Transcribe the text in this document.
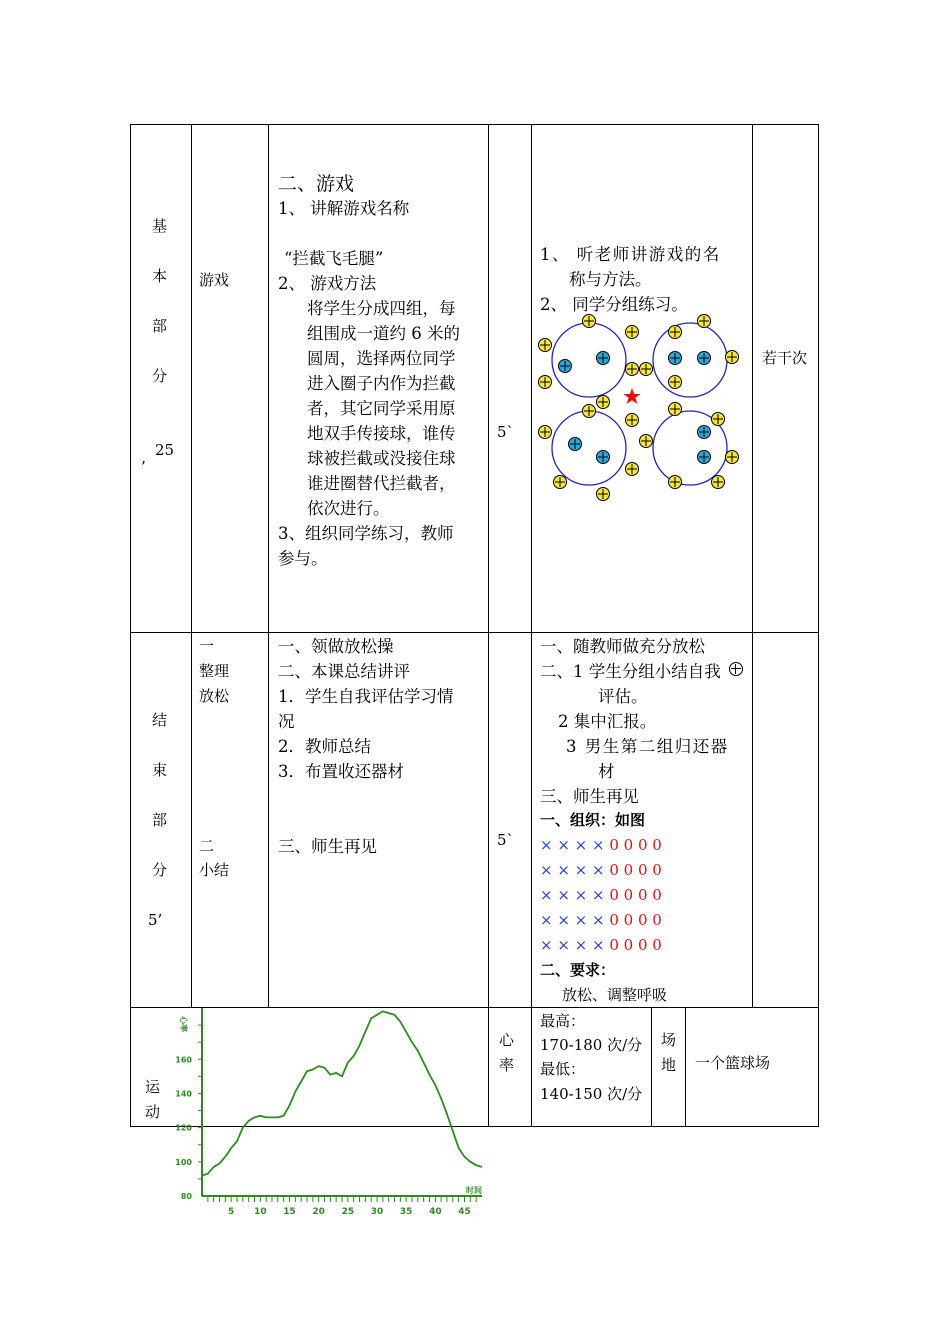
基
本
部
分
25
’
游戏
二、游戏
1、 讲解游戏名称
“拦截飞毛腿”
2、 游戏方法
将学生分成四组，每
组围成一道约 6 米的
圆周，选择两位同学
进入圈子内作为拦截
者，其它同学采用原
地双手传接球，谁传
球被拦截或没接住球
谁进圈替代拦截者，
依次进行。
3、组织同学练习，教师
参与。
5`
1、 听老师讲游戏的名
称与方法。
2、 同学分组练习。
若干次
结
束
部
分
5’
一
整理
放松
二
小结
一、领做放松操
二、本课总结讲评
1．学生自我评估学习情
况
2．教师总结
3．布置收还器材
三、师生再见	5`
一、随教师做充分放松
二、1 学生分组小结自我
评估。
2 集中汇报。
3 男生第二组归还器
材
三、师生再见
一、组织：如图
× × × × 0 0 0 0
× × × × 0 0 0 0
× × × × 0 0 0 0
× × × × 0 0 0 0
× × × × 0 0 0 0
二、要求：
放松、调整呼吸
运
动
心
率
最高：
170-180 次/分
最低：
140-150 次/分
场
地 一个篮球场
80
100
120
140
160
5 10 15 20 25 30 35 40 45
心率
时间
